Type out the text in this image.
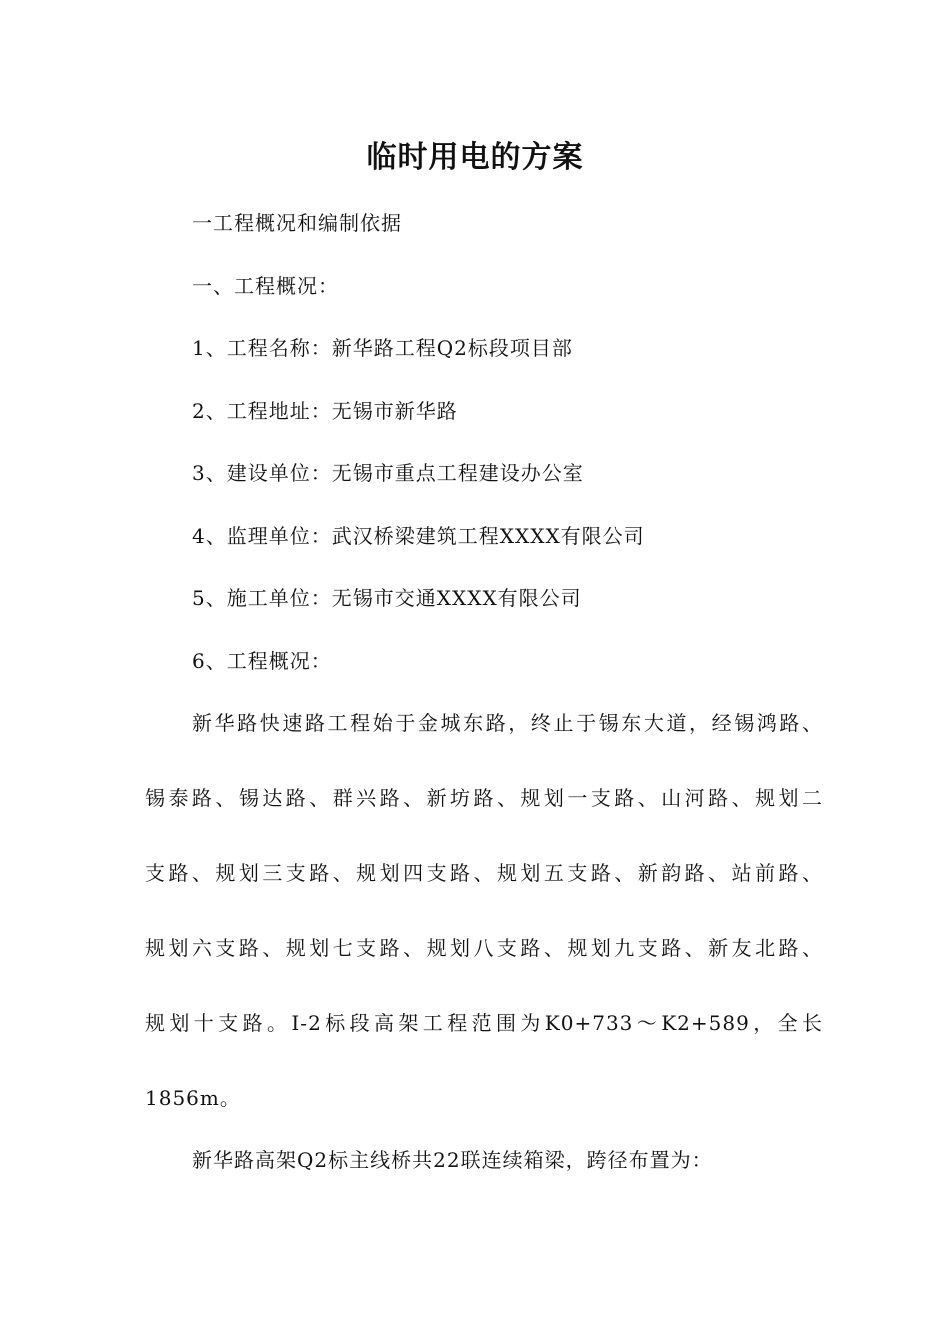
临时用电的方案
一工程概况和编制依据
一、工程概况：
1、工程名称：新华路工程Q2标段项目部
2、工程地址：无锡市新华路
3、建设单位：无锡市重点工程建设办公室
4、监理单位：武汉桥梁建筑工程XXXX有限公司
5、施工单位：无锡市交通XXXX有限公司
6、工程概况：
新华路快速路工程始于金城东路，终止于锡东大道，经锡鸿路、
锡泰路、锡达路、群兴路、新坊路、规划一支路、山河路、规划二
支路、规划三支路、规划四支路、规划五支路、新韵路、站前路、
规划六支路、规划七支路、规划八支路、规划九支路、新友北路、
规划十支路。I-2标段高架工程范围为K0+733～K2+589，全长
1856m。
新华路高架Q2标主线桥共22联连续箱梁，跨径布置为：
